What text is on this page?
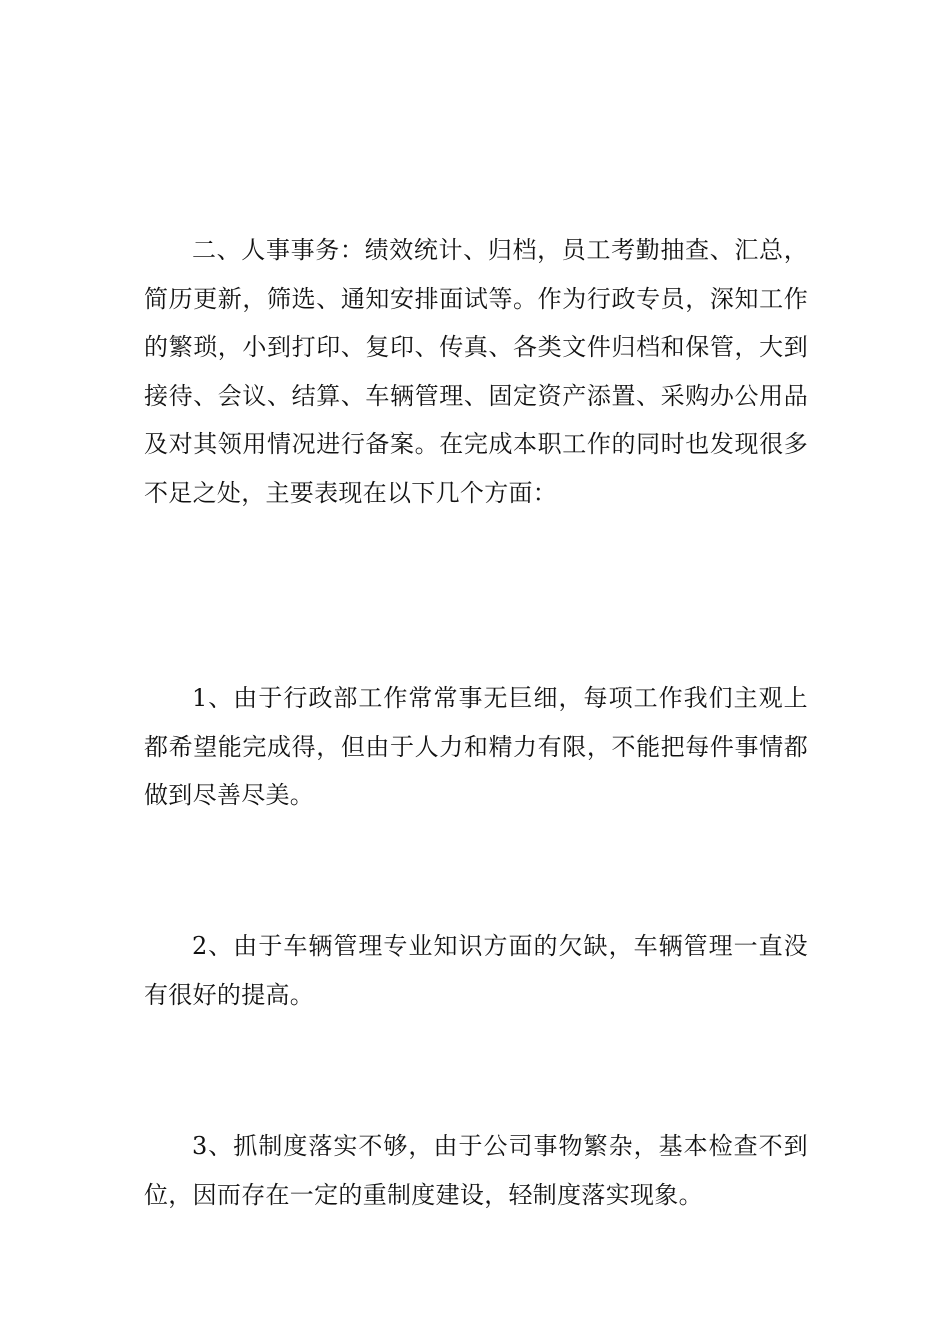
二、人事事务：绩效统计、归档，员工考勤抽查、汇总，简历更新，筛选、通知安排面试等。作为行政专员，深知工作的繁琐，小到打印、复印、传真、各类文件归档和保管，大到接待、会议、结算、车辆管理、固定资产添置、采购办公用品及对其领用情况进行备案。在完成本职工作的同时也发现很多不足之处，主要表现在以下几个方面：

1、由于行政部工作常常事无巨细，每项工作我们主观上都希望能完成得，但由于人力和精力有限，不能把每件事情都做到尽善尽美。

2、由于车辆管理专业知识方面的欠缺，车辆管理一直没有很好的提高。

3、抓制度落实不够，由于公司事物繁杂，基本检查不到位，因而存在一定的重制度建设，轻制度落实现象。
